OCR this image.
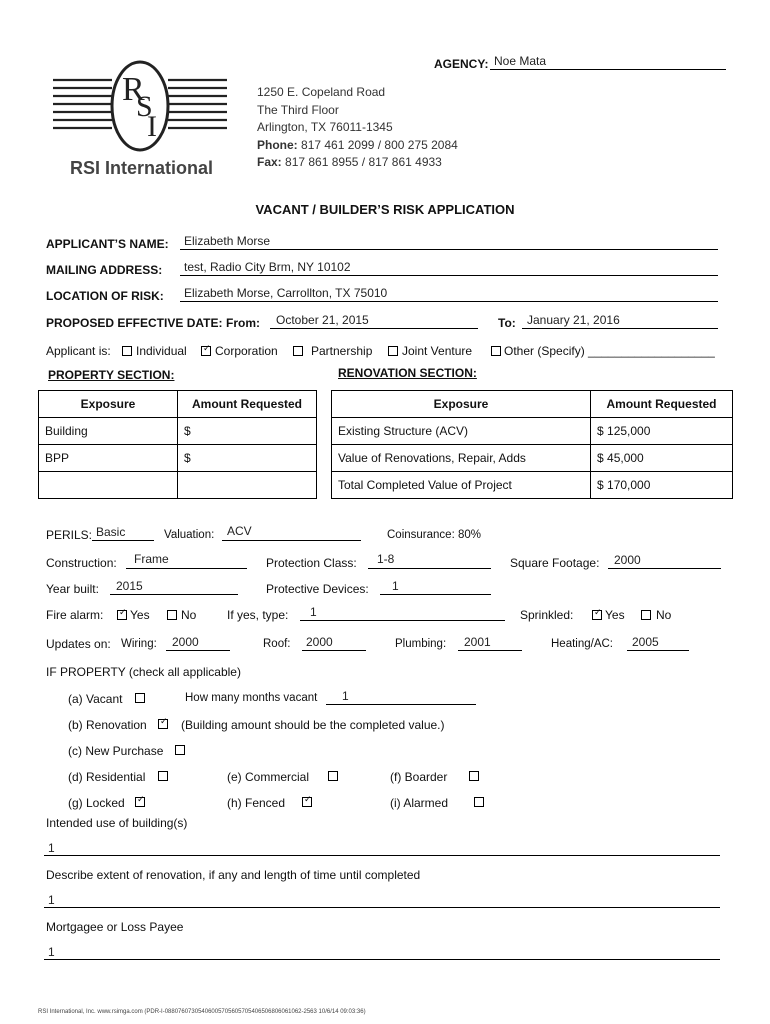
AGENCY: Noe Mata
R
S
I
RSI International
1250 E. Copeland Road
The Third Floor
Arlington, TX 76011-1345
Phone: 817 461 2099 / 800 275 2084
Fax: 817 861 8955 / 817 861 4933
VACANT / BUILDER’S RISK APPLICATION
APPLICANT’S NAME: Elizabeth Morse
MAILING ADDRESS: test, Radio City Brm, NY 10102
LOCATION OF RISK: Elizabeth Morse, Carrollton, TX 75010
PROPOSED EFFECTIVE DATE: From: October 21, 2015	To: January 21, 2016
Applicant is: Individual ✓ Corporation	Partnership Joint Venture	Other (Specify) ___________________
PROPERTY SECTION:	RENOVATION SECTION:
Exposure	Amount Requested
Building	$
BPP	$

Exposure	Amount Requested
Existing Structure (ACV)	$ 125,000
Value of Renovations, Repair, Adds	$ 45,000
Total Completed Value of Project	$ 170,000
PERILS: Basic	Valuation: ACV	Coinsurance: 80%
Construction: Frame	Protection Class: 1-8	Square Footage: 2000
Year built: 2015	Protective Devices: 1
Fire alarm: ✓ Yes	No	If yes, type: 1	Sprinkled: ✓	Yes	No
Updates on: Wiring: 2000	Roof: 2000	Plumbing: 2001	Heating/AC: 2005
IF PROPERTY (check all applicable)
(a) Vacant	How many months vacant 1
(b) Renovation ✓	(Building amount should be the completed value.)
(c) New Purchase
(d) Residential	(e) Commercial	(f) Boarder
(g) Locked ✓	(h) Fenced ✓	(i) Alarmed
Intended use of building(s)
1
Describe extent of renovation, if any and length of time until completed
1
Mortgagee or Loss Payee
1
RSI International, Inc. www.rsimga.com (PDR-I-08807607305406005705605705406506806061062-2563 10/6/14 09:03:36)
